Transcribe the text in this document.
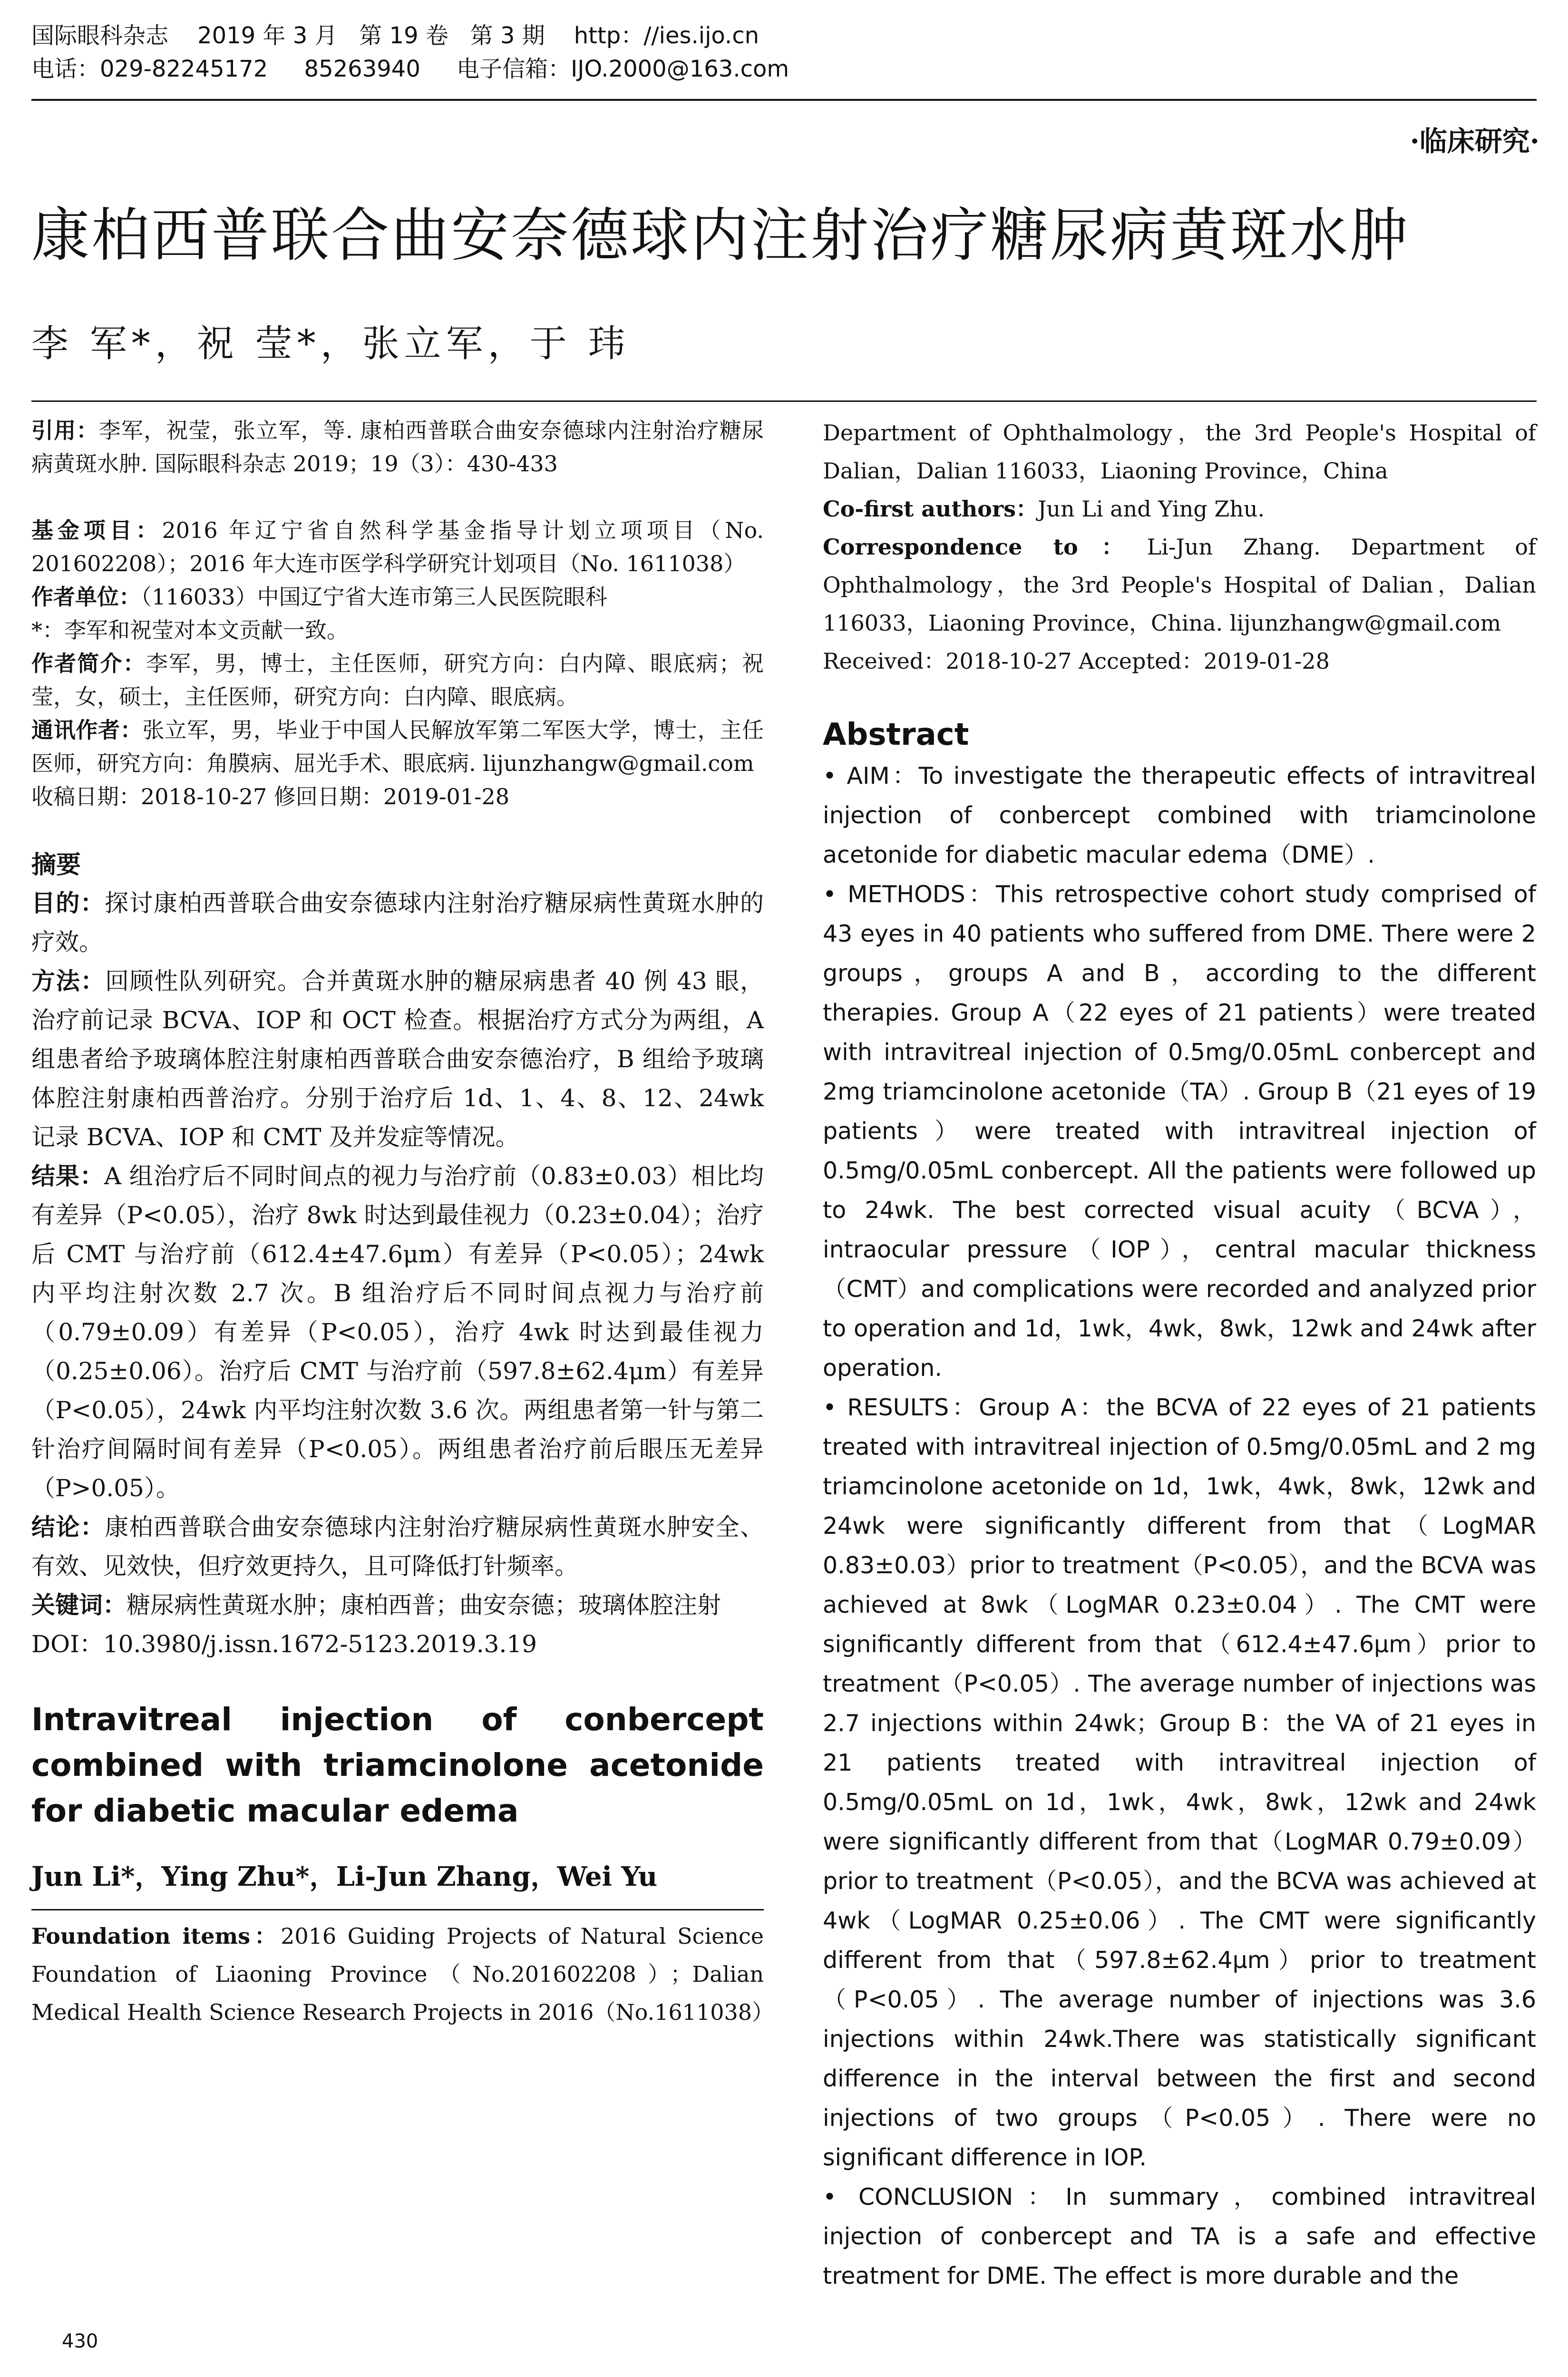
国际眼科杂志    2019 年 3 月   第 19 卷   第 3 期    http：//ies.ijo.cn
电话：029-82245172     85263940     电子信箱：IJO.2000@163.com
·临床研究·
康柏西普联合曲安奈德球内注射治疗糖尿病黄斑水肿
李 军*，祝 莹*，张立军，于 玮

引用：李军，祝莹，张立军，等. 康柏西普联合曲安奈德球内注射治疗糖尿病黄斑水肿. 国际眼科杂志 2019；19（3）：430-433

基金项目：2016 年辽宁省自然科学基金指导计划立项项目（No. 201602208）；2016 年大连市医学科学研究计划项目（No. 1611038）

作者单位：（116033）中国辽宁省大连市第三人民医院眼科

*：李军和祝莹对本文贡献一致。

作者简介：李军，男，博士，主任医师，研究方向：白内障、眼底病；祝莹，女，硕士，主任医师，研究方向：白内障、眼底病。

通讯作者：张立军，男，毕业于中国人民解放军第二军医大学，博士，主任医师，研究方向：角膜病、屈光手术、眼底病. lijunzhangw@gmail.com

收稿日期：2018-10-27 修回日期：2019-01-28

摘要

目的：探讨康柏西普联合曲安奈德球内注射治疗糖尿病性黄斑水肿的疗效。

方法：回顾性队列研究。合并黄斑水肿的糖尿病患者 40 例 43 眼，治疗前记录 BCVA、IOP 和 OCT 检查。根据治疗方式分为两组，A 组患者给予玻璃体腔注射康柏西普联合曲安奈德治疗，B 组给予玻璃体腔注射康柏西普治疗。分别于治疗后 1d、1、4、8、12、24wk 记录 BCVA、IOP 和 CMT 及并发症等情况。

结果：A 组治疗后不同时间点的视力与治疗前（0.83±0.03）相比均有差异（P<0.05），治疗 8wk 时达到最佳视力（0.23±0.04）；治疗后 CMT 与治疗前（612.4±47.6μm）有差异（P<0.05）；24wk 内平均注射次数 2.7 次。B 组治疗后不同时间点视力与治疗前（0.79±0.09）有差异（P<0.05），治疗 4wk 时达到最佳视力（0.25±0.06）。治疗后 CMT 与治疗前（597.8±62.4μm）有差异（P<0.05），24wk 内平均注射次数 3.6 次。两组患者第一针与第二针治疗间隔时间有差异（P<0.05）。两组患者治疗前后眼压无差异（P>0.05）。

结论：康柏西普联合曲安奈德球内注射治疗糖尿病性黄斑水肿安全、有效、见效快，但疗效更持久，且可降低打针频率。

关键词：糖尿病性黄斑水肿；康柏西普；曲安奈德；玻璃体腔注射

DOI：10.3980/j.issn.1672-5123.2019.3.19

Intravitreal injection of conbercept combined with triamcinolone acetonide for diabetic macular edema

Jun Li*，Ying Zhu*，Li-Jun Zhang，Wei Yu

Foundation items：2016 Guiding Projects of Natural Science Foundation of Liaoning Province（No.201602208）；Dalian Medical Health Science Research Projects in 2016（No.1611038）

Department of Ophthalmology，the 3rd People's Hospital of Dalian，Dalian 116033，Liaoning Province，China

Co-first authors：Jun Li and Ying Zhu.

Correspondence to：Li-Jun Zhang. Department of Ophthalmology，the 3rd People's Hospital of Dalian，Dalian 116033，Liaoning Province，China. lijunzhangw@gmail.com

Received：2018-10-27 Accepted：2019-01-28

Abstract

• AIM：To investigate the therapeutic effects of intravitreal injection of conbercept combined with triamcinolone acetonide for diabetic macular edema（DME）.

• METHODS：This retrospective cohort study comprised of 43 eyes in 40 patients who suffered from DME. There were 2 groups，groups A and B，according to the different therapies. Group A（22 eyes of 21 patients）were treated with intravitreal injection of 0.5mg/0.05mL conbercept and 2mg triamcinolone acetonide（TA）. Group B（21 eyes of 19 patients）were treated with intravitreal injection of 0.5mg/0.05mL conbercept. All the patients were followed up to 24wk. The best corrected visual acuity（BCVA），intraocular pressure（IOP），central macular thickness（CMT）and complications were recorded and analyzed prior to operation and 1d，1wk，4wk，8wk，12wk and 24wk after operation.

• RESULTS：Group A：the BCVA of 22 eyes of 21 patients treated with intravitreal injection of 0.5mg/0.05mL and 2 mg triamcinolone acetonide on 1d，1wk，4wk，8wk，12wk and 24wk were significantly different from that（LogMAR 0.83±0.03）prior to treatment（P<0.05），and the BCVA was achieved at 8wk（LogMAR 0.23±0.04）. The CMT were significantly different from that（612.4±47.6μm）prior to treatment（P<0.05）. The average number of injections was 2.7 injections within 24wk；Group B：the VA of 21 eyes in 21 patients treated with intravitreal injection of 0.5mg/0.05mL on 1d，1wk，4wk，8wk，12wk and 24wk were significantly different from that（LogMAR 0.79±0.09）prior to treatment（P<0.05），and the BCVA was achieved at 4wk（LogMAR 0.25±0.06）. The CMT were significantly different from that（597.8±62.4μm）prior to treatment（P<0.05）. The average number of injections was 3.6 injections within 24wk.There was statistically significant difference in the interval between the first and second injections of two groups（P<0.05）. There were no significant difference in IOP.

• CONCLUSION：In summary，combined intravitreal injection of conbercept and TA is a safe and effective treatment for DME. The effect is more durable and the

430
